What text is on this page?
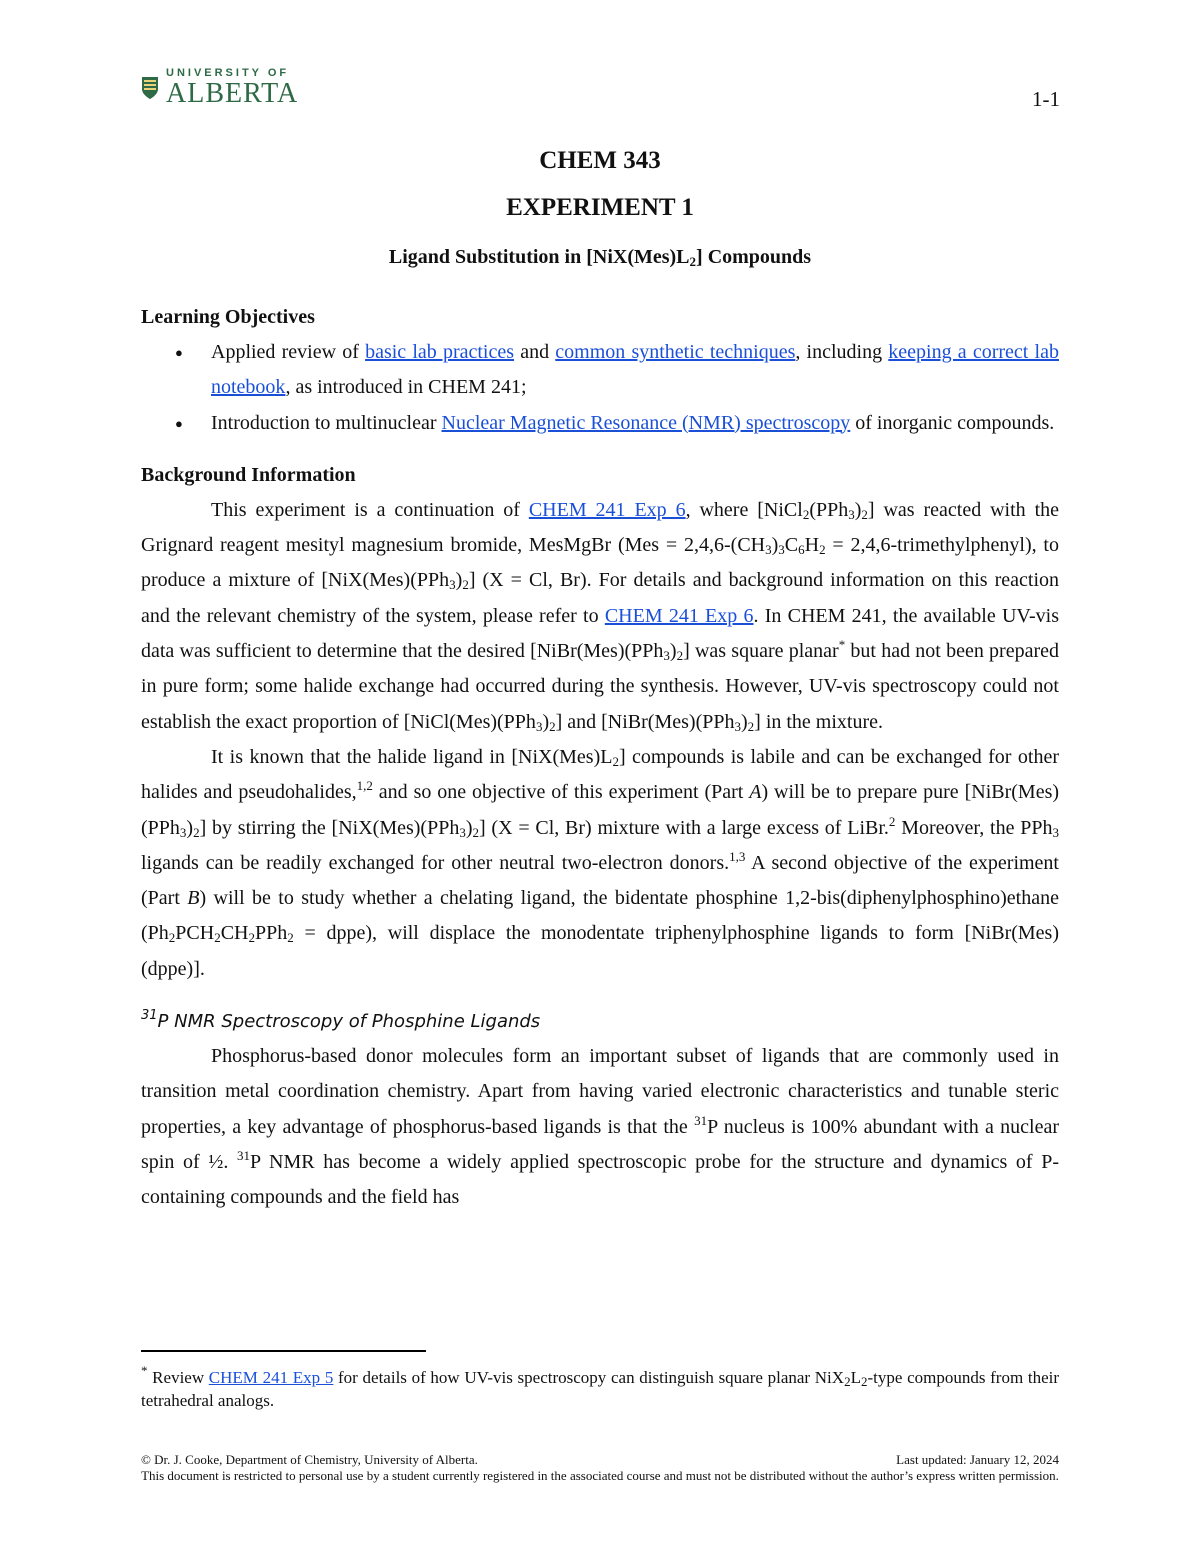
UNIVERSITY OF
ALBERTA	1-1
CHEM 343
EXPERIMENT 1
Ligand Substitution in $[NiX(Mes)L_2]$ Compounds
Learning Objectives
● Applied review of basic lab practices and common synthetic techniques, including keeping a correct lab notebook, as introduced in CHEM 241;
● Introduction to multinuclear Nuclear Magnetic Resonance (NMR) spectroscopy of inorganic compounds.
Background Information

This experiment is a continuation of CHEM 241 Exp 6, where $[NiCl_2(PPh_3)_2]$ was reacted with the Grignard reagent mesityl magnesium bromide, MesMgBr ($Mes = 2,4,6-(CH_3)_3C_6H_2$ = 2,4,6-trimethylphenyl), to produce a mixture of $[NiX(Mes)(PPh_3)_2] (X = Cl$, Br). For details and background information on this reaction and the relevant chemistry of the system, please refer to CHEM 241 Exp 6. In CHEM 241, the available UV-vis data was sufficient to determine that the desired $[NiBr(Mes)(PPh_3)_2]$ was square planar* but had not been prepared in pure form; some halide exchange had occurred during the synthesis. However, UV-vis spectroscopy could not establish the exact proportion of $[NiCl(Mes)(PPh_3)_2]$ and $[NiBr(Mes)(PPh_3)_2]$ in the mixture.

It is known that the halide ligand in $[NiX(Mes)L_2]$ compounds is labile and can be exchanged for other halides and pseudohalides,$^{1,2}$ and so one objective of this experiment (Part A) will be to prepare pure $[NiBr(Mes)(PPh_3)_2]$ by stirring the $[NiX(Mes)(PPh_3)_2] (X = Cl$, Br) mixture with a large excess of LiBr.$^2$ Moreover, the PPh$_3$ ligands can be readily exchanged for other neutral two-electron donors.$^{1,3}$ A second objective of the experiment (Part B) will be to study whether a chelating ligand, the bidentate phosphine 1,2-bis(diphenylphosphino)ethane ($Ph_2PCH_2CH_2PPh_2$ = dppe), will displace the monodentate triphenylphosphine ligands to form [NiBr(Mes)(dppe)].

$^{31}$P NMR Spectroscopy of Phosphine Ligands

Phosphorus-based donor molecules form an important subset of ligands that are commonly used in transition metal coordination chemistry. Apart from having varied electronic characteristics and tunable steric properties, a key advantage of phosphorus-based ligands is that the $^{31}$P nucleus is 100% abundant with a nuclear spin of ½. $^{31}$P NMR has become a widely applied spectroscopic probe for the structure and dynamics of P-containing compounds and the field has

* Review CHEM 241 Exp 5 for details of how UV-vis spectroscopy can distinguish square planar $NiX_2L_2$-type compounds from their tetrahedral analogs.
© Dr. J. Cooke, Department of Chemistry, University of Alberta.	Last updated: January 12, 2024
This document is restricted to personal use by a student currently registered in the associated course and must not be distributed without the author’s express written permission.
